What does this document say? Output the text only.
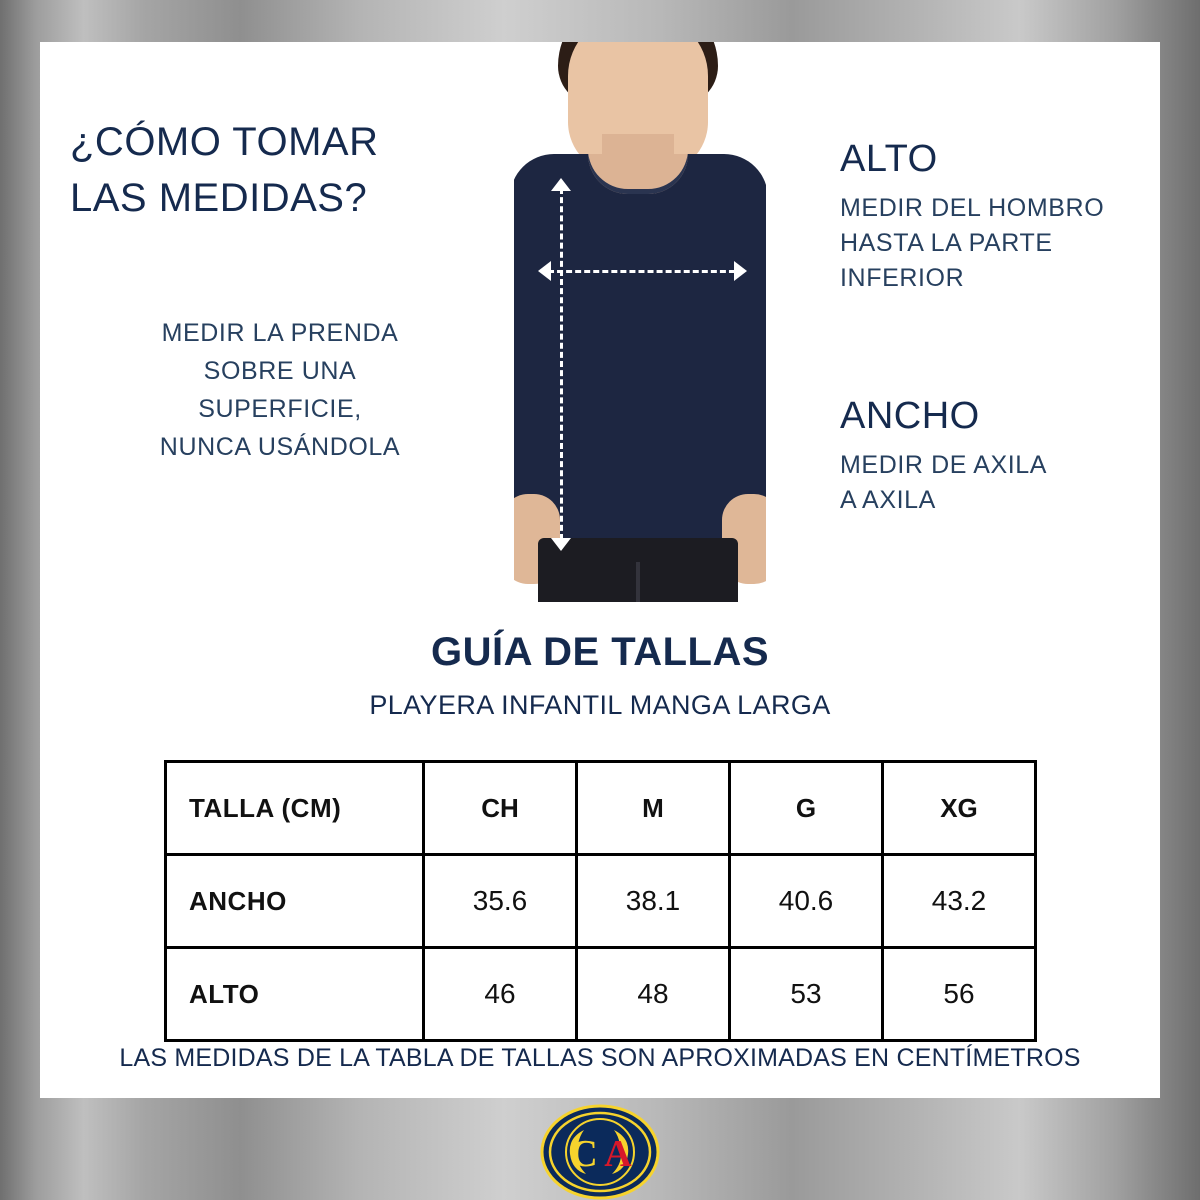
¿CÓMO TOMAR
LAS MEDIDAS?
MEDIR LA PRENDA
SOBRE UNA
SUPERFICIE,
NUNCA USÁNDOLA
ALTO
MEDIR DEL HOMBRO
HASTA LA PARTE
INFERIOR
ANCHO
MEDIR DE AXILA
A AXILA
GUÍA DE TALLAS
PLAYERA INFANTIL MANGA LARGA
TALLA (CM)	CH	M	G	XG
ANCHO	35.6	38.1	40.6	43.2
ALTO	46	48	53	56
LAS MEDIDAS DE LA TABLA DE TALLAS SON APROXIMADAS EN CENTÍMETROS
C A
